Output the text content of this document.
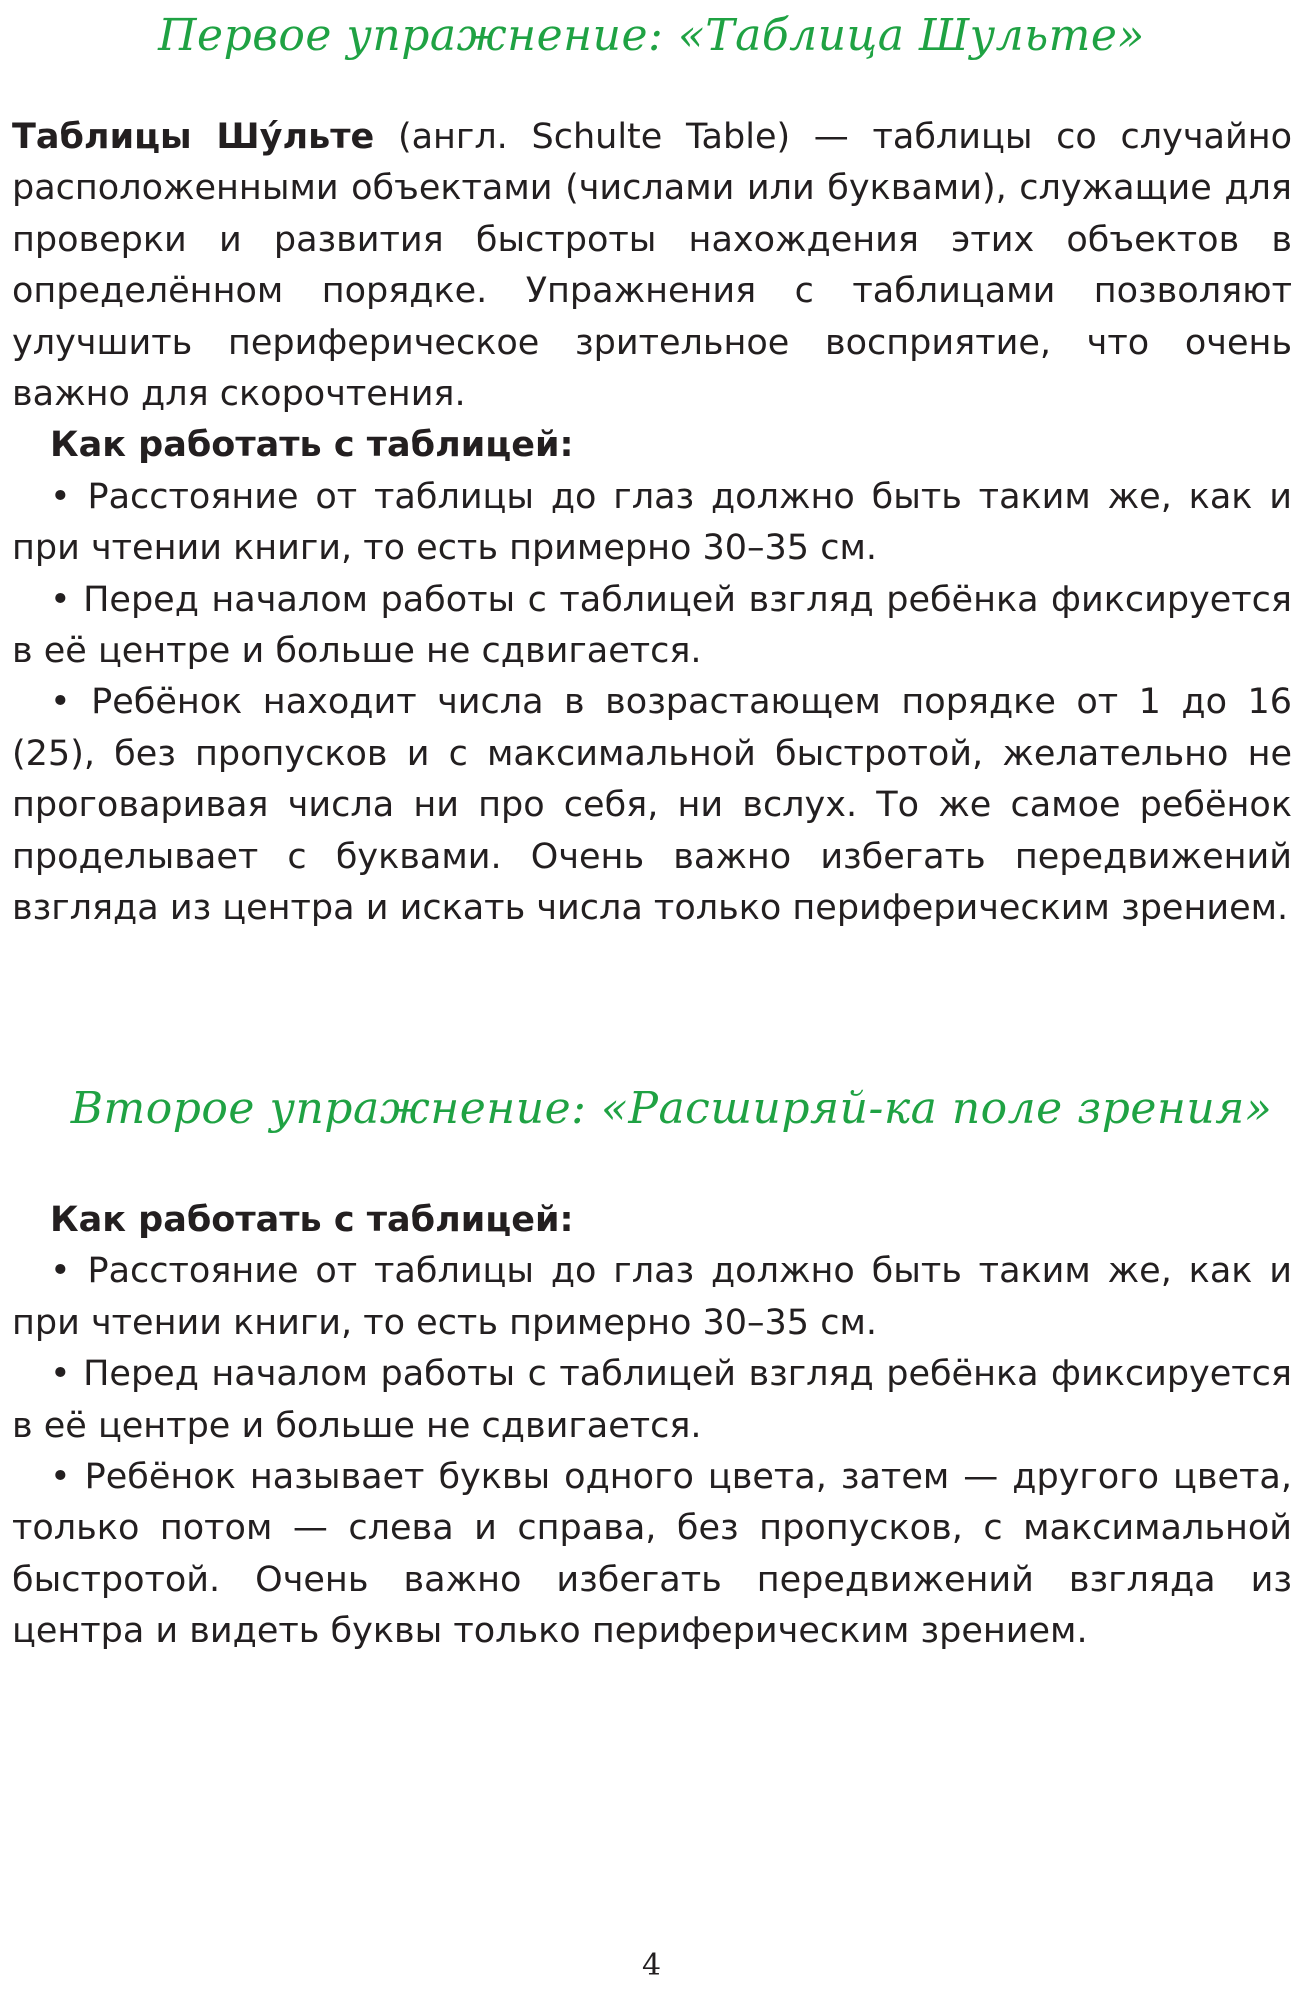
Первое упражнение: «Таблица Шульте»

Таблицы Шу́льте (англ. Schulte Table) — таблицы со случайно расположенными объектами (числами или буквами), служащие для проверки и развития быстроты нахождения этих объектов в определённом порядке. Упражнения с таблицами позволяют улучшить периферическое зрительное восприятие, что очень важно для скорочтения.

Как работать с таблицей:

• Расстояние от таблицы до глаз должно быть таким же, как и при чтении книги, то есть примерно 30–35 см.

• Перед началом работы с таблицей взгляд ребёнка фиксируется в её центре и больше не сдвигается.

• Ребёнок находит числа в возрастающем порядке от 1 до 16 (25), без пропусков и с максимальной быстротой, желательно не проговаривая числа ни про себя, ни вслух. То же самое ребёнок проделывает с буквами. Очень важно избегать передвижений взгляда из центра и искать числа только периферическим зрением.

Второе упражнение: «Расширяй-ка поле зрения»

Как работать с таблицей:

• Расстояние от таблицы до глаз должно быть таким же, как и при чтении книги, то есть примерно 30–35 см.

• Перед началом работы с таблицей взгляд ребёнка фиксируется в её центре и больше не сдвигается.

• Ребёнок называет буквы одного цвета, затем — другого цвета, только потом — слева и справа, без пропусков, с максимальной быстротой. Очень важно избегать передвижений взгляда из центра и видеть буквы только периферическим зрением.

4
